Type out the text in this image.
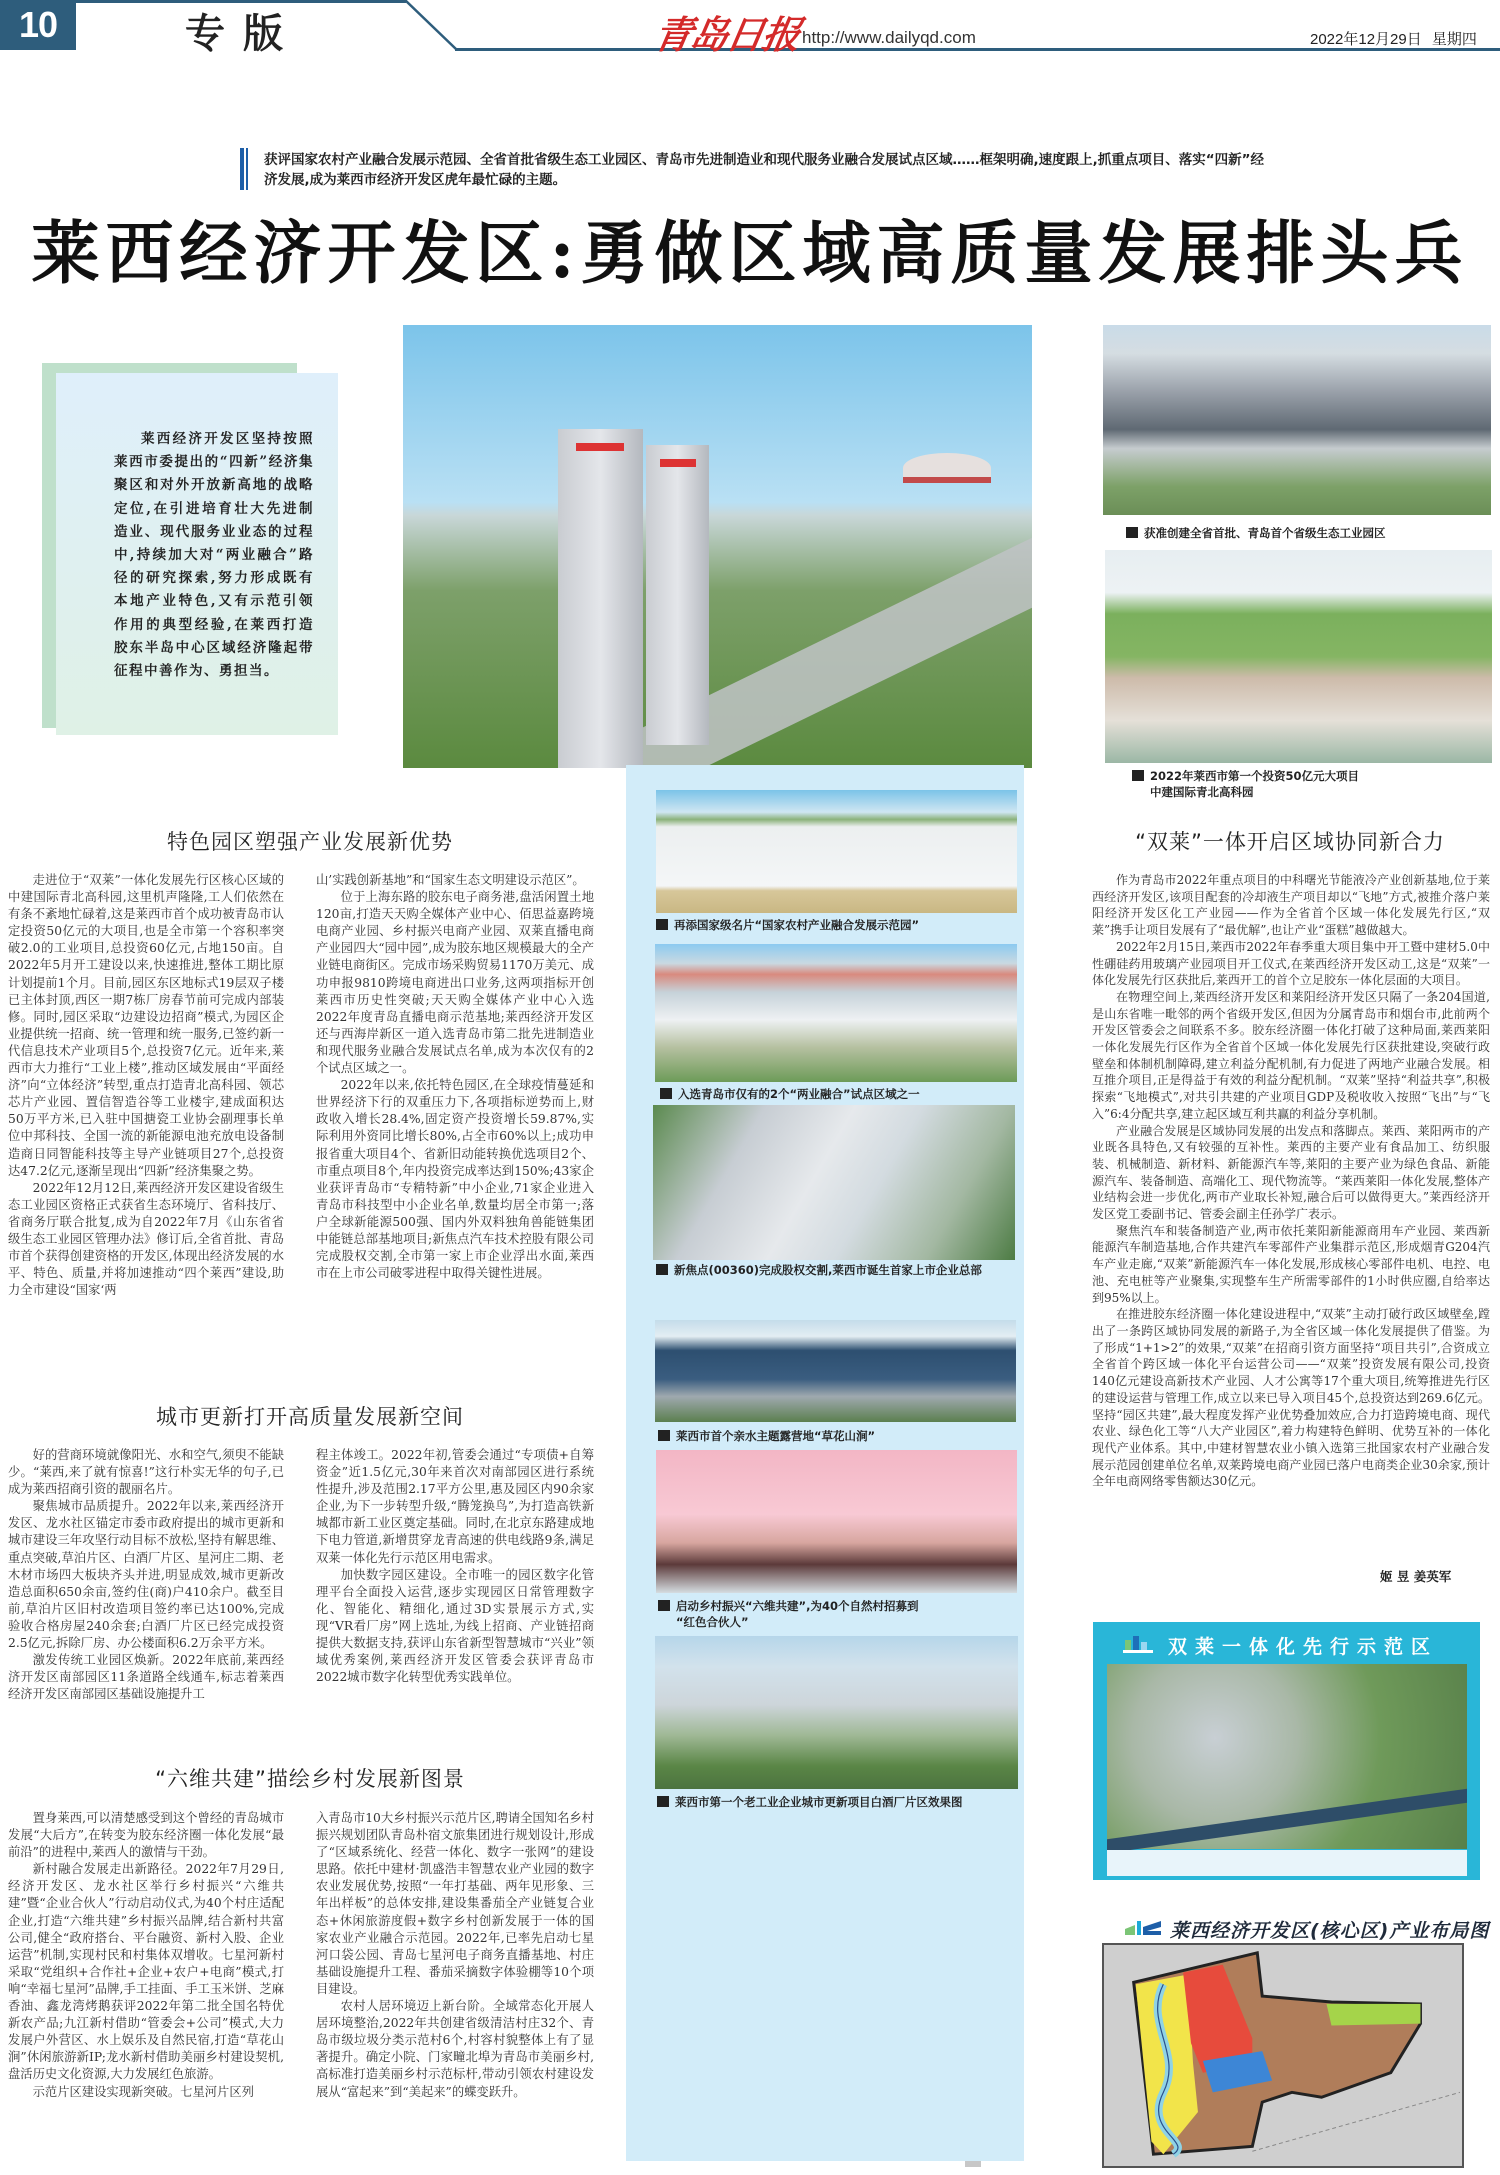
10	专版	青岛日报 http://www.dailyqd.com	2022年12月29日 星期四
获评国家农村产业融合发展示范园、全省首批省级生态工业园区、青岛市先进制造业和现代服务业融合发展试点区域……框架明确,速度跟上,抓重点项目、落实“四新”经济发展,成为莱西市经济开发区虎年最忙碌的主题。
莱西经济开发区:勇做区域高质量发展排头兵
莱西经济开发区坚持按照莱西市委提出的“四新”经济集聚区和对外开放新高地的战略定位,在引进培育壮大先进制造业、现代服务业业态的过程中,持续加大对“两业融合”路径的研究探索,努力形成既有本地产业特色,又有示范引领作用的典型经验,在莱西打造胶东半岛中心区域经济隆起带征程中善作为、勇担当。
获准创建全省首批、青岛首个省级生态工业园区
2022年莱西市第一个投资50亿元大项目
中建国际青北高科园
再添国家级名片“国家农村产业融合发展示范园”
入选青岛市仅有的2个“两业融合”试点区域之一
新焦点(00360)完成股权交割,莱西市诞生首家上市企业总部
莱西市首个亲水主题露营地“草花山涧”
启动乡村振兴“六维共建”,为40个自然村招募到
“红色合伙人”
莱西市第一个老工业企业城市更新项目白酒厂片区效果图
特色园区塑强产业发展新优势

走进位于“双莱”一体化发展先行区核心区域的中建国际青北高科园,这里机声隆隆,工人们依然在有条不紊地忙碌着,这是莱西市首个成功被青岛市认定投资50亿元的大项目,也是全市第一个容积率突破2.0的工业项目,总投资60亿元,占地150亩。自2022年5月开工建设以来,快速推进,整体工期比原计划提前1个月。目前,园区东区地标式19层双子楼已主体封顶,西区一期7栋厂房春节前可完成内部装修。同时,园区采取“边建设边招商”模式,为园区企业提供统一招商、统一管理和统一服务,已签约新一代信息技术产业项目5个,总投资7亿元。近年来,莱西市大力推行“工业上楼”,推动区域发展由“平面经济”向“立体经济”转型,重点打造青北高科园、领芯芯片产业园、置信智造谷等工业楼宇,建成面积达50万平方米,已入驻中国搪瓷工业协会副理事长单位中邦科技、全国一流的新能源电池充放电设备制造商日同智能科技等主导产业链项目27个,总投资达47.2亿元,逐渐呈现出“四新”经济集聚之势。

2022年12月12日,莱西经济开发区建设省级生态工业园区资格正式获省生态环境厅、省科技厅、省商务厅联合批复,成为自2022年7月《山东省省级生态工业园区管理办法》修订后,全省首批、青岛市首个获得创建资格的开发区,体现出经济发展的水平、特色、质量,并将加速推动“四个莱西”建设,助力全市建设“国家‘两

山’实践创新基地”和“国家生态文明建设示范区”。

位于上海东路的胶东电子商务港,盘活闲置土地120亩,打造天天购全媒体产业中心、佰思益嘉跨境电商产业园、乡村振兴电商产业园、双莱直播电商产业园四大“园中园”,成为胶东地区规模最大的全产业链电商街区。完成市场采购贸易1170万美元、成功申报9810跨境电商进出口业务,这两项指标开创莱西市历史性突破;天天购全媒体产业中心入选2022年度青岛直播电商示范基地;莱西经济开发区还与西海岸新区一道入选青岛市第二批先进制造业和现代服务业融合发展试点名单,成为本次仅有的2个试点区域之一。

2022年以来,依托特色园区,在全球疫情蔓延和世界经济下行的双重压力下,各项指标逆势而上,财政收入增长28.4%,固定资产投资增长59.87%,实际利用外资同比增长80%,占全市60%以上;成功申报省重大项目4个、省新旧动能转换优选项目2个、市重点项目8个,年内投资完成率达到150%;43家企业获评青岛市“专精特新”中小企业,71家企业进入青岛市科技型中小企业名单,数量均居全市第一;落户全球新能源500强、国内外双料独角兽能链集团中能链总部基地项目;新焦点汽车技术控股有限公司完成股权交割,全市第一家上市企业浮出水面,莱西市在上市公司破零进程中取得关键性进展。

城市更新打开高质量发展新空间

好的营商环境就像阳光、水和空气,须臾不能缺少。“莱西,来了就有惊喜!”这行朴实无华的句子,已成为莱西招商引资的靓丽名片。

聚焦城市品质提升。2022年以来,莱西经济开发区、龙水社区锚定市委市政府提出的城市更新和城市建设三年攻坚行动目标不放松,坚持有解思维、重点突破,草泊片区、白酒厂片区、星河庄二期、老木材市场四大板块齐头并进,明显成效,城市更新改造总面积650余亩,签约住(商)户410余户。截至目前,草泊片区旧村改造项目签约率已达100%,完成验收合格房屋240余套;白酒厂片区已经完成投资2.5亿元,拆除厂房、办公楼面积6.2万余平方米。

激发传统工业园区焕新。2022年底前,莱西经济开发区南部园区11条道路全线通车,标志着莱西经济开发区南部园区基础设施提升工

程主体竣工。2022年初,管委会通过“专项债+自筹资金”近1.5亿元,30年来首次对南部园区进行系统性提升,涉及范围2.17平方公里,惠及园区内90余家企业,为下一步转型升级,“腾笼换鸟”,为打造高铁新城都市新工业区奠定基础。同时,在北京东路建成地下电力管道,新增贯穿龙青高速的供电线路9条,满足双莱一体化先行示范区用电需求。

加快数字园区建设。全市唯一的园区数字化管理平台全面投入运营,逐步实现园区日常管理数字化、智能化、精细化,通过3D实景展示方式,实现“VR看厂房”网上选址,为线上招商、产业链招商提供大数据支持,获评山东省新型智慧城市“兴业”领域优秀案例,莱西经济开发区管委会获评青岛市2022城市数字化转型优秀实践单位。

“六维共建”描绘乡村发展新图景

置身莱西,可以清楚感受到这个曾经的青岛城市发展“大后方”,在转变为胶东经济圈一体化发展“最前沿”的进程中,莱西人的激情与干劲。

新村融合发展走出新路径。2022年7月29日,经济开发区、龙水社区举行乡村振兴“六维共建”暨“企业合伙人”行动启动仪式,为40个村庄适配企业,打造“六维共建”乡村振兴品牌,结合新村共富公司,健全“政府搭台、平台融资、新村入股、企业运营”机制,实现村民和村集体双增收。七星河新村采取“党组织+合作社+企业+农户+电商”模式,打响“幸福七星河”品牌,手工挂面、手工玉米饼、芝麻香油、鑫龙湾烤鹅获评2022年第二批全国名特优新农产品;九江新村借助“管委会+公司”模式,大力发展户外营区、水上娱乐及自然民宿,打造“草花山涧”休闲旅游新IP;龙水新村借助美丽乡村建设契机,盘活历史文化资源,大力发展红色旅游。

示范片区建设实现新突破。七星河片区列

入青岛市10大乡村振兴示范片区,聘请全国知名乡村振兴规划团队青岛朴宿文旅集团进行规划设计,形成了“区域系统化、经营一体化、数字一张网”的建设思路。依托中建材·凯盛浩丰智慧农业产业园的数字农业发展优势,按照“一年打基础、两年见形象、三年出样板”的总体安排,建设集番茄全产业链复合业态+休闲旅游度假+数字乡村创新发展于一体的国家农业产业融合示范园。2022年,已率先启动七星河口袋公园、青岛七星河电子商务直播基地、村庄基础设施提升工程、番茄采摘数字体验棚等10个项目建设。

农村人居环境迈上新台阶。全域常态化开展人居环境整治,2022年共创建省级清洁村庄32个、青岛市级垃圾分类示范村6个,村容村貌整体上有了显著提升。确定小院、门家疃北埠为青岛市美丽乡村,高标准打造美丽乡村示范标杆,带动引领农村建设发展从“富起来”到“美起来”的蝶变跃升。

“双莱”一体开启区域协同新合力

作为青岛市2022年重点项目的中科曙光节能液冷产业创新基地,位于莱西经济开发区,该项目配套的冷却液生产项目却以“飞地”方式,被推介落户莱阳经济开发区化工产业园——作为全省首个区域一体化发展先行区,“双莱”携手让项目发展有了“最优解”,也让产业“蛋糕”越做越大。

2022年2月15日,莱西市2022年春季重大项目集中开工暨中建材5.0中性硼硅药用玻璃产业园项目开工仪式,在莱西经济开发区动工,这是“双莱”一体化发展先行区获批后,莱西开工的首个立足胶东一体化层面的大项目。

在物理空间上,莱西经济开发区和莱阳经济开发区只隔了一条204国道,是山东省唯一毗邻的两个省级开发区,但因为分属青岛市和烟台市,此前两个开发区管委会之间联系不多。胶东经济圈一体化打破了这种局面,莱西莱阳一体化发展先行区作为全省首个区域一体化发展先行区获批建设,突破行政壁垒和体制机制障碍,建立利益分配机制,有力促进了两地产业融合发展。相互推介项目,正是得益于有效的利益分配机制。“双莱”坚持“利益共享”,积极探索“飞地模式”,对共引共建的产业项目GDP及税收收入按照“飞出”与“飞入”6:4分配共享,建立起区域互利共赢的利益分享机制。

产业融合发展是区域协同发展的出发点和落脚点。莱西、莱阳两市的产业既各具特色,又有较强的互补性。莱西的主要产业有食品加工、纺织服装、机械制造、新材料、新能源汽车等,莱阳的主要产业为绿色食品、新能源汽车、装备制造、高端化工、现代物流等。“莱西莱阳一体化发展,整体产业结构会进一步优化,两市产业取长补短,融合后可以做得更大。”莱西经济开发区党工委副书记、管委会副主任孙学广表示。

聚焦汽车和装备制造产业,两市依托莱阳新能源商用车产业园、莱西新能源汽车制造基地,合作共建汽车零部件产业集群示范区,形成烟青G204汽车产业走廊,“双莱”新能源汽车一体化发展,形成核心零部件电机、电控、电池、充电桩等产业聚集,实现整车生产所需零部件的1小时供应圈,自给率达到95%以上。

在推进胶东经济圈一体化建设进程中,“双莱”主动打破行政区域壁垒,蹚出了一条跨区域协同发展的新路子,为全省区域一体化发展提供了借鉴。为了形成“1+1>2”的效果,“双莱”在招商引资方面坚持“项目共引”,合资成立全省首个跨区域一体化平台运营公司——“双莱”投资发展有限公司,投资140亿元建设高新技术产业园、人才公寓等17个重大项目,统筹推进先行区的建设运营与管理工作,成立以来已导入项目45个,总投资达到269.6亿元。坚持“园区共建”,最大程度发挥产业优势叠加效应,合力打造跨境电商、现代农业、绿色化工等“八大产业园区”,着力构建特色鲜明、优势互补的一体化现代产业体系。其中,中建材智慧农业小镇入选第三批国家农村产业融合发展示范园创建单位名单,双莱跨境电商产业园已落户电商类企业30余家,预计全年电商网络零售额达30亿元。

姬 昱 姜英军
双莱一体化先行示范区
莱西经济开发区(核心区)产业布局图
